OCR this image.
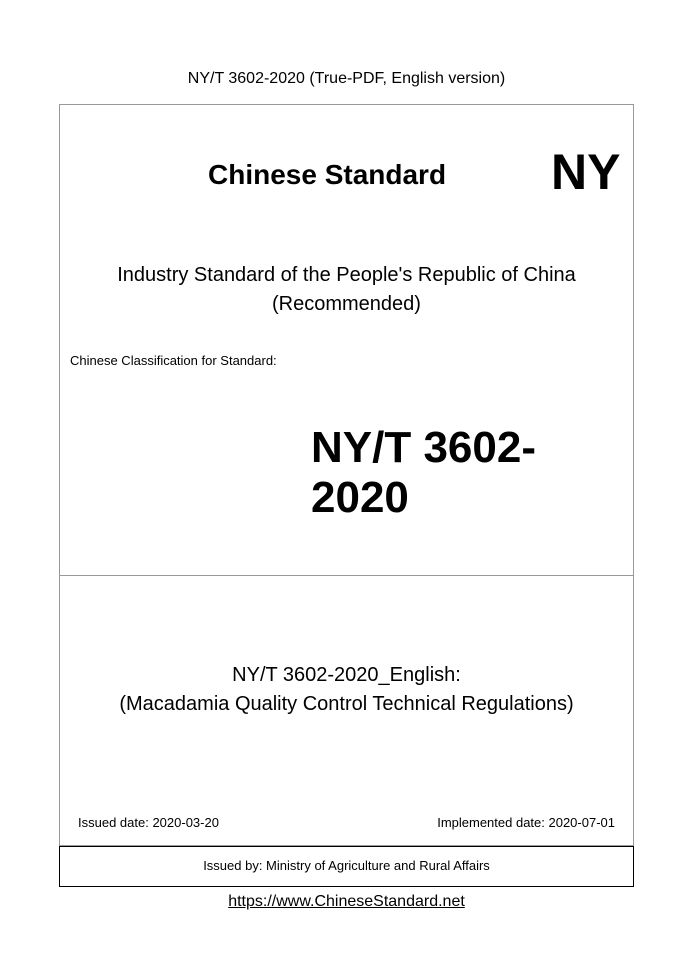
NY/T 3602-2020 (True-PDF, English version)
Chinese Standard NY
Industry Standard of the People's Republic of China
(Recommended)
Chinese Classification for Standard:
NY/T 3602-2020
NY/T 3602-2020_English:
(Macadamia Quality Control Technical Regulations)
Issued date: 2020-03-20	Implemented date: 2020-07-01
Issued by: Ministry of Agriculture and Rural Affairs
https://www.ChineseStandard.net
